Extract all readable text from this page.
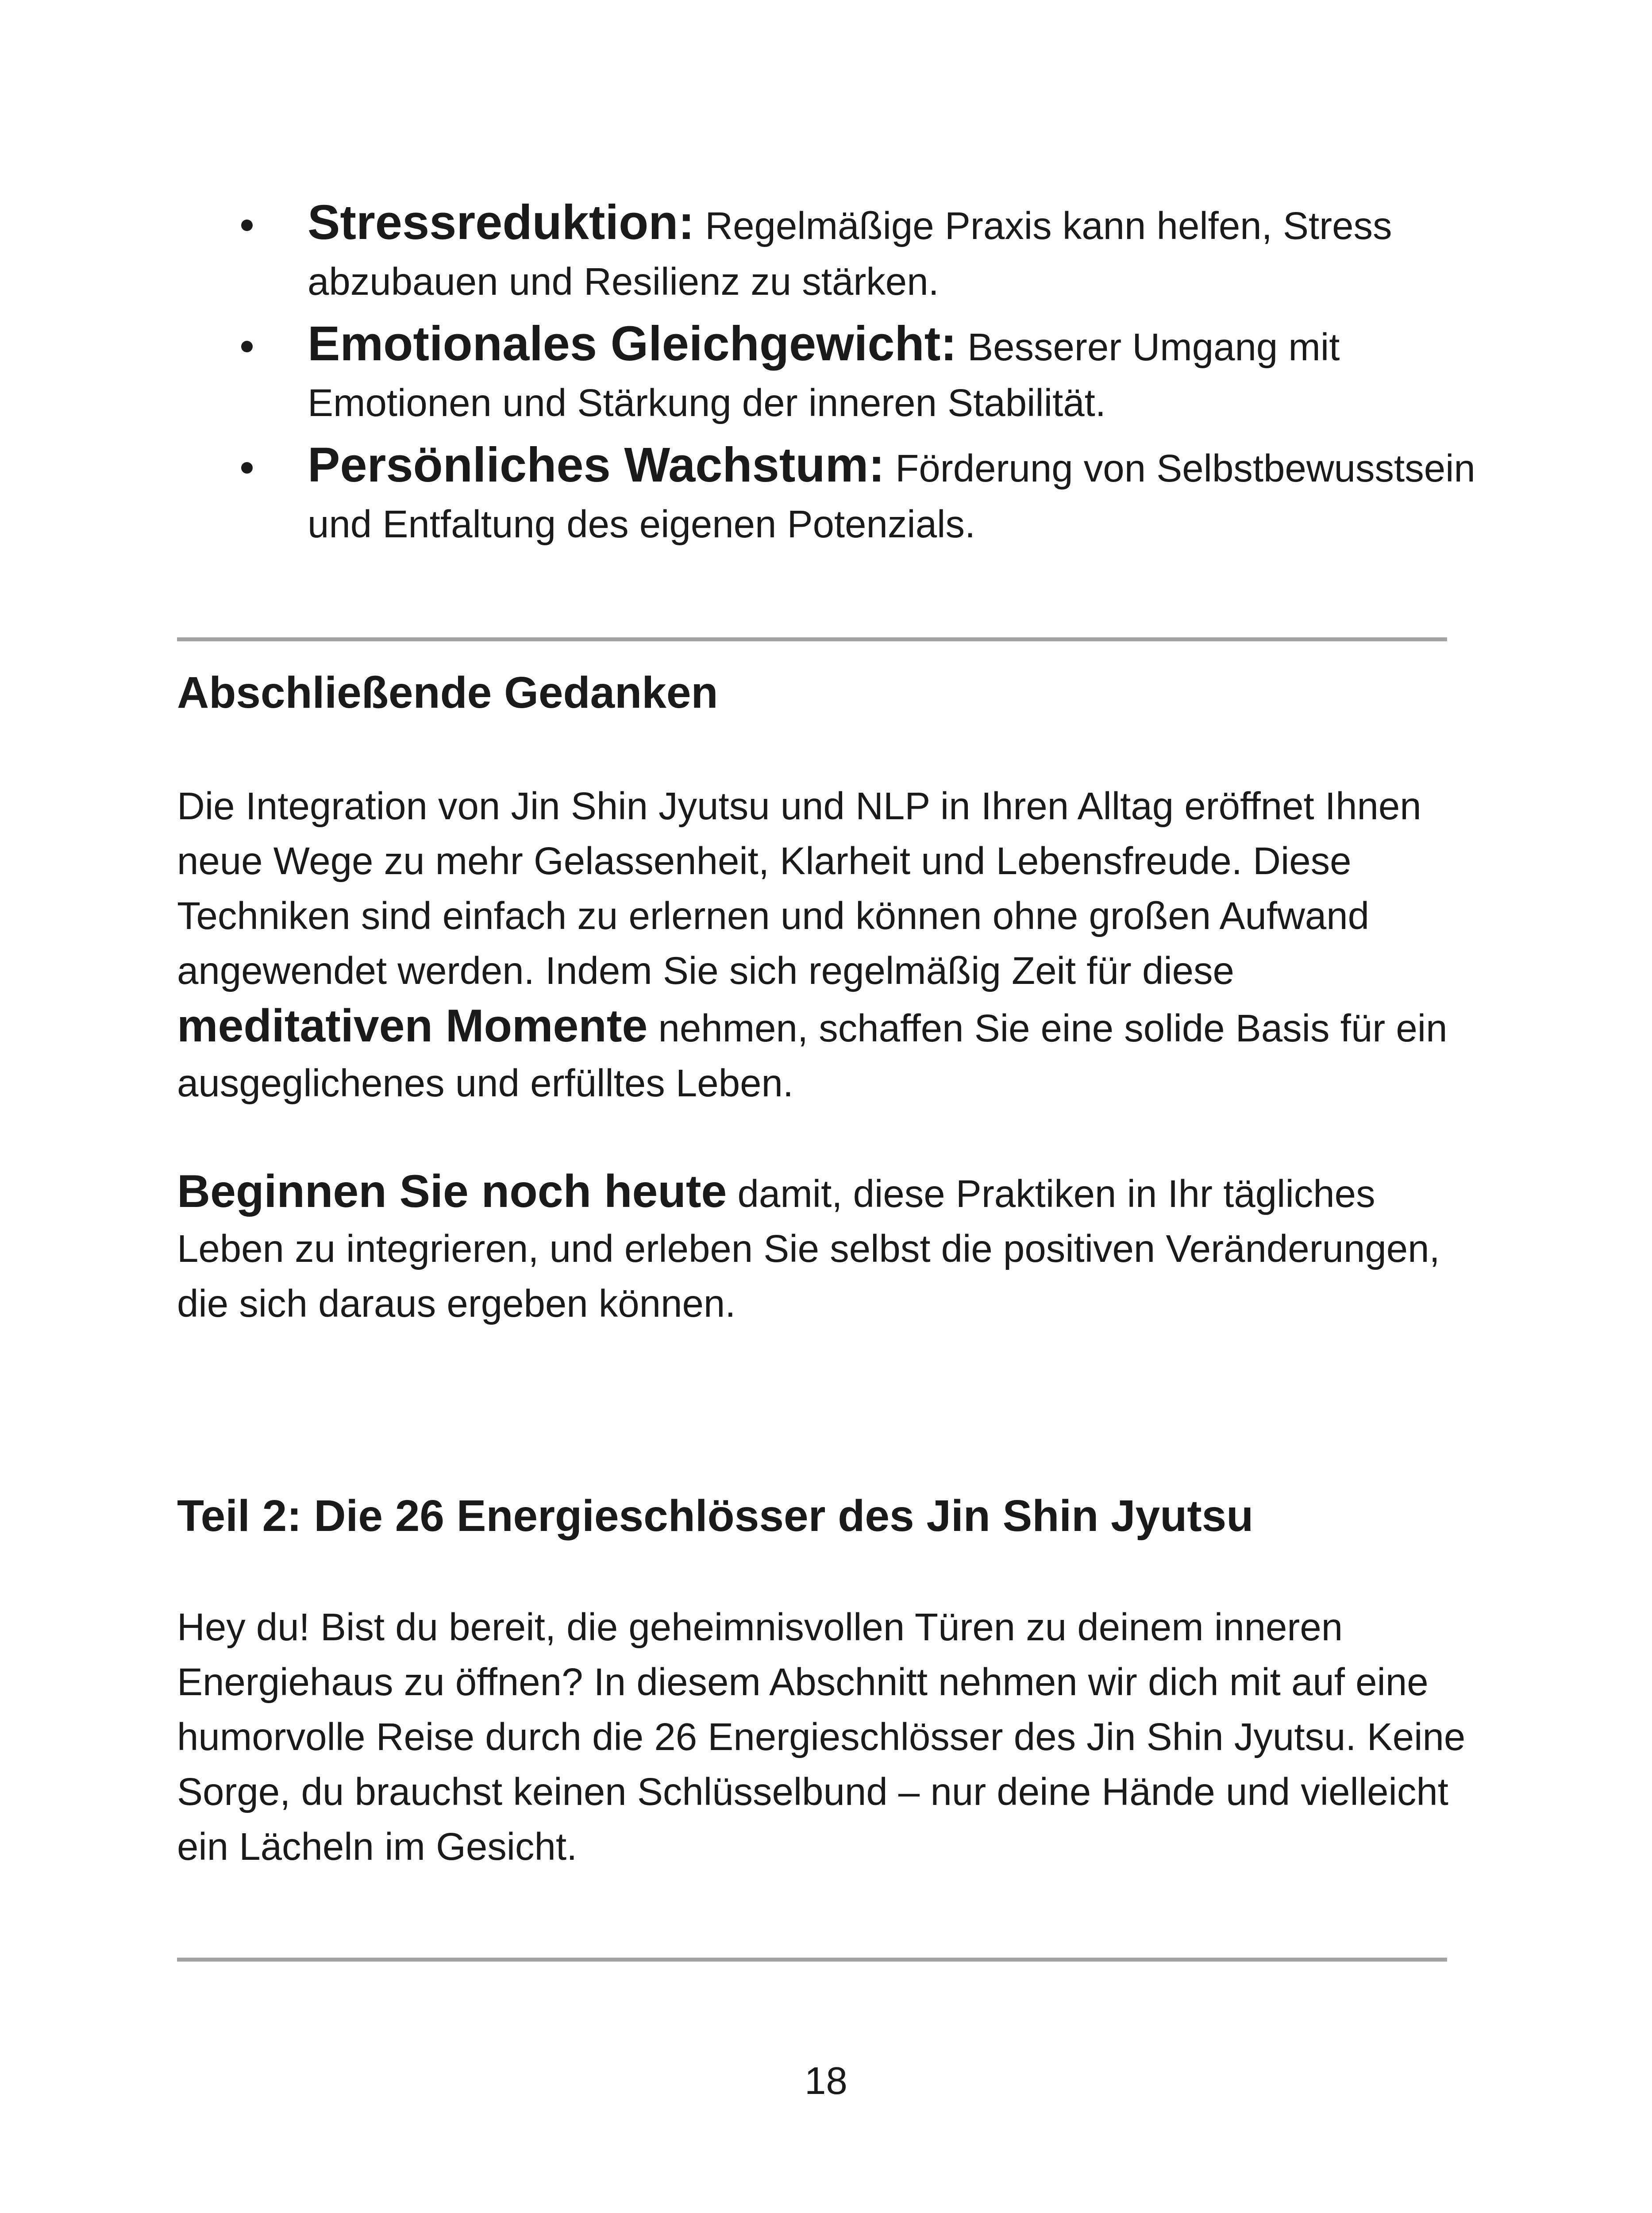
Stressreduktion: Regelmäßige Praxis kann helfen, Stress abzubauen und Resilienz zu stärken.
Emotionales Gleichgewicht: Besserer Umgang mit Emotionen und Stärkung der inneren Stabilität.
Persönliches Wachstum: Förderung von Selbstbewusstsein und Entfaltung des eigenen Potenzials.
Abschließende Gedanken

Die Integration von Jin Shin Jyutsu und NLP in Ihren Alltag eröffnet Ihnen neue Wege zu mehr Gelassenheit, Klarheit und Lebensfreude. Diese Techniken sind einfach zu erlernen und können ohne großen Aufwand angewendet werden. Indem Sie sich regelmäßig Zeit für diese meditativen Momente nehmen, schaffen Sie eine solide Basis für ein ausgeglichenes und erfülltes Leben.

Beginnen Sie noch heute damit, diese Praktiken in Ihr tägliches Leben zu integrieren, und erleben Sie selbst die positiven Veränderungen, die sich daraus ergeben können.

Teil 2: Die 26 Energieschlösser des Jin Shin Jyutsu

Hey du! Bist du bereit, die geheimnisvollen Türen zu deinem inneren Energiehaus zu öffnen? In diesem Abschnitt nehmen wir dich mit auf eine humorvolle Reise durch die 26 Energieschlösser des Jin Shin Jyutsu. Keine Sorge, du brauchst keinen Schlüsselbund – nur deine Hände und vielleicht ein Lächeln im Gesicht.

18
